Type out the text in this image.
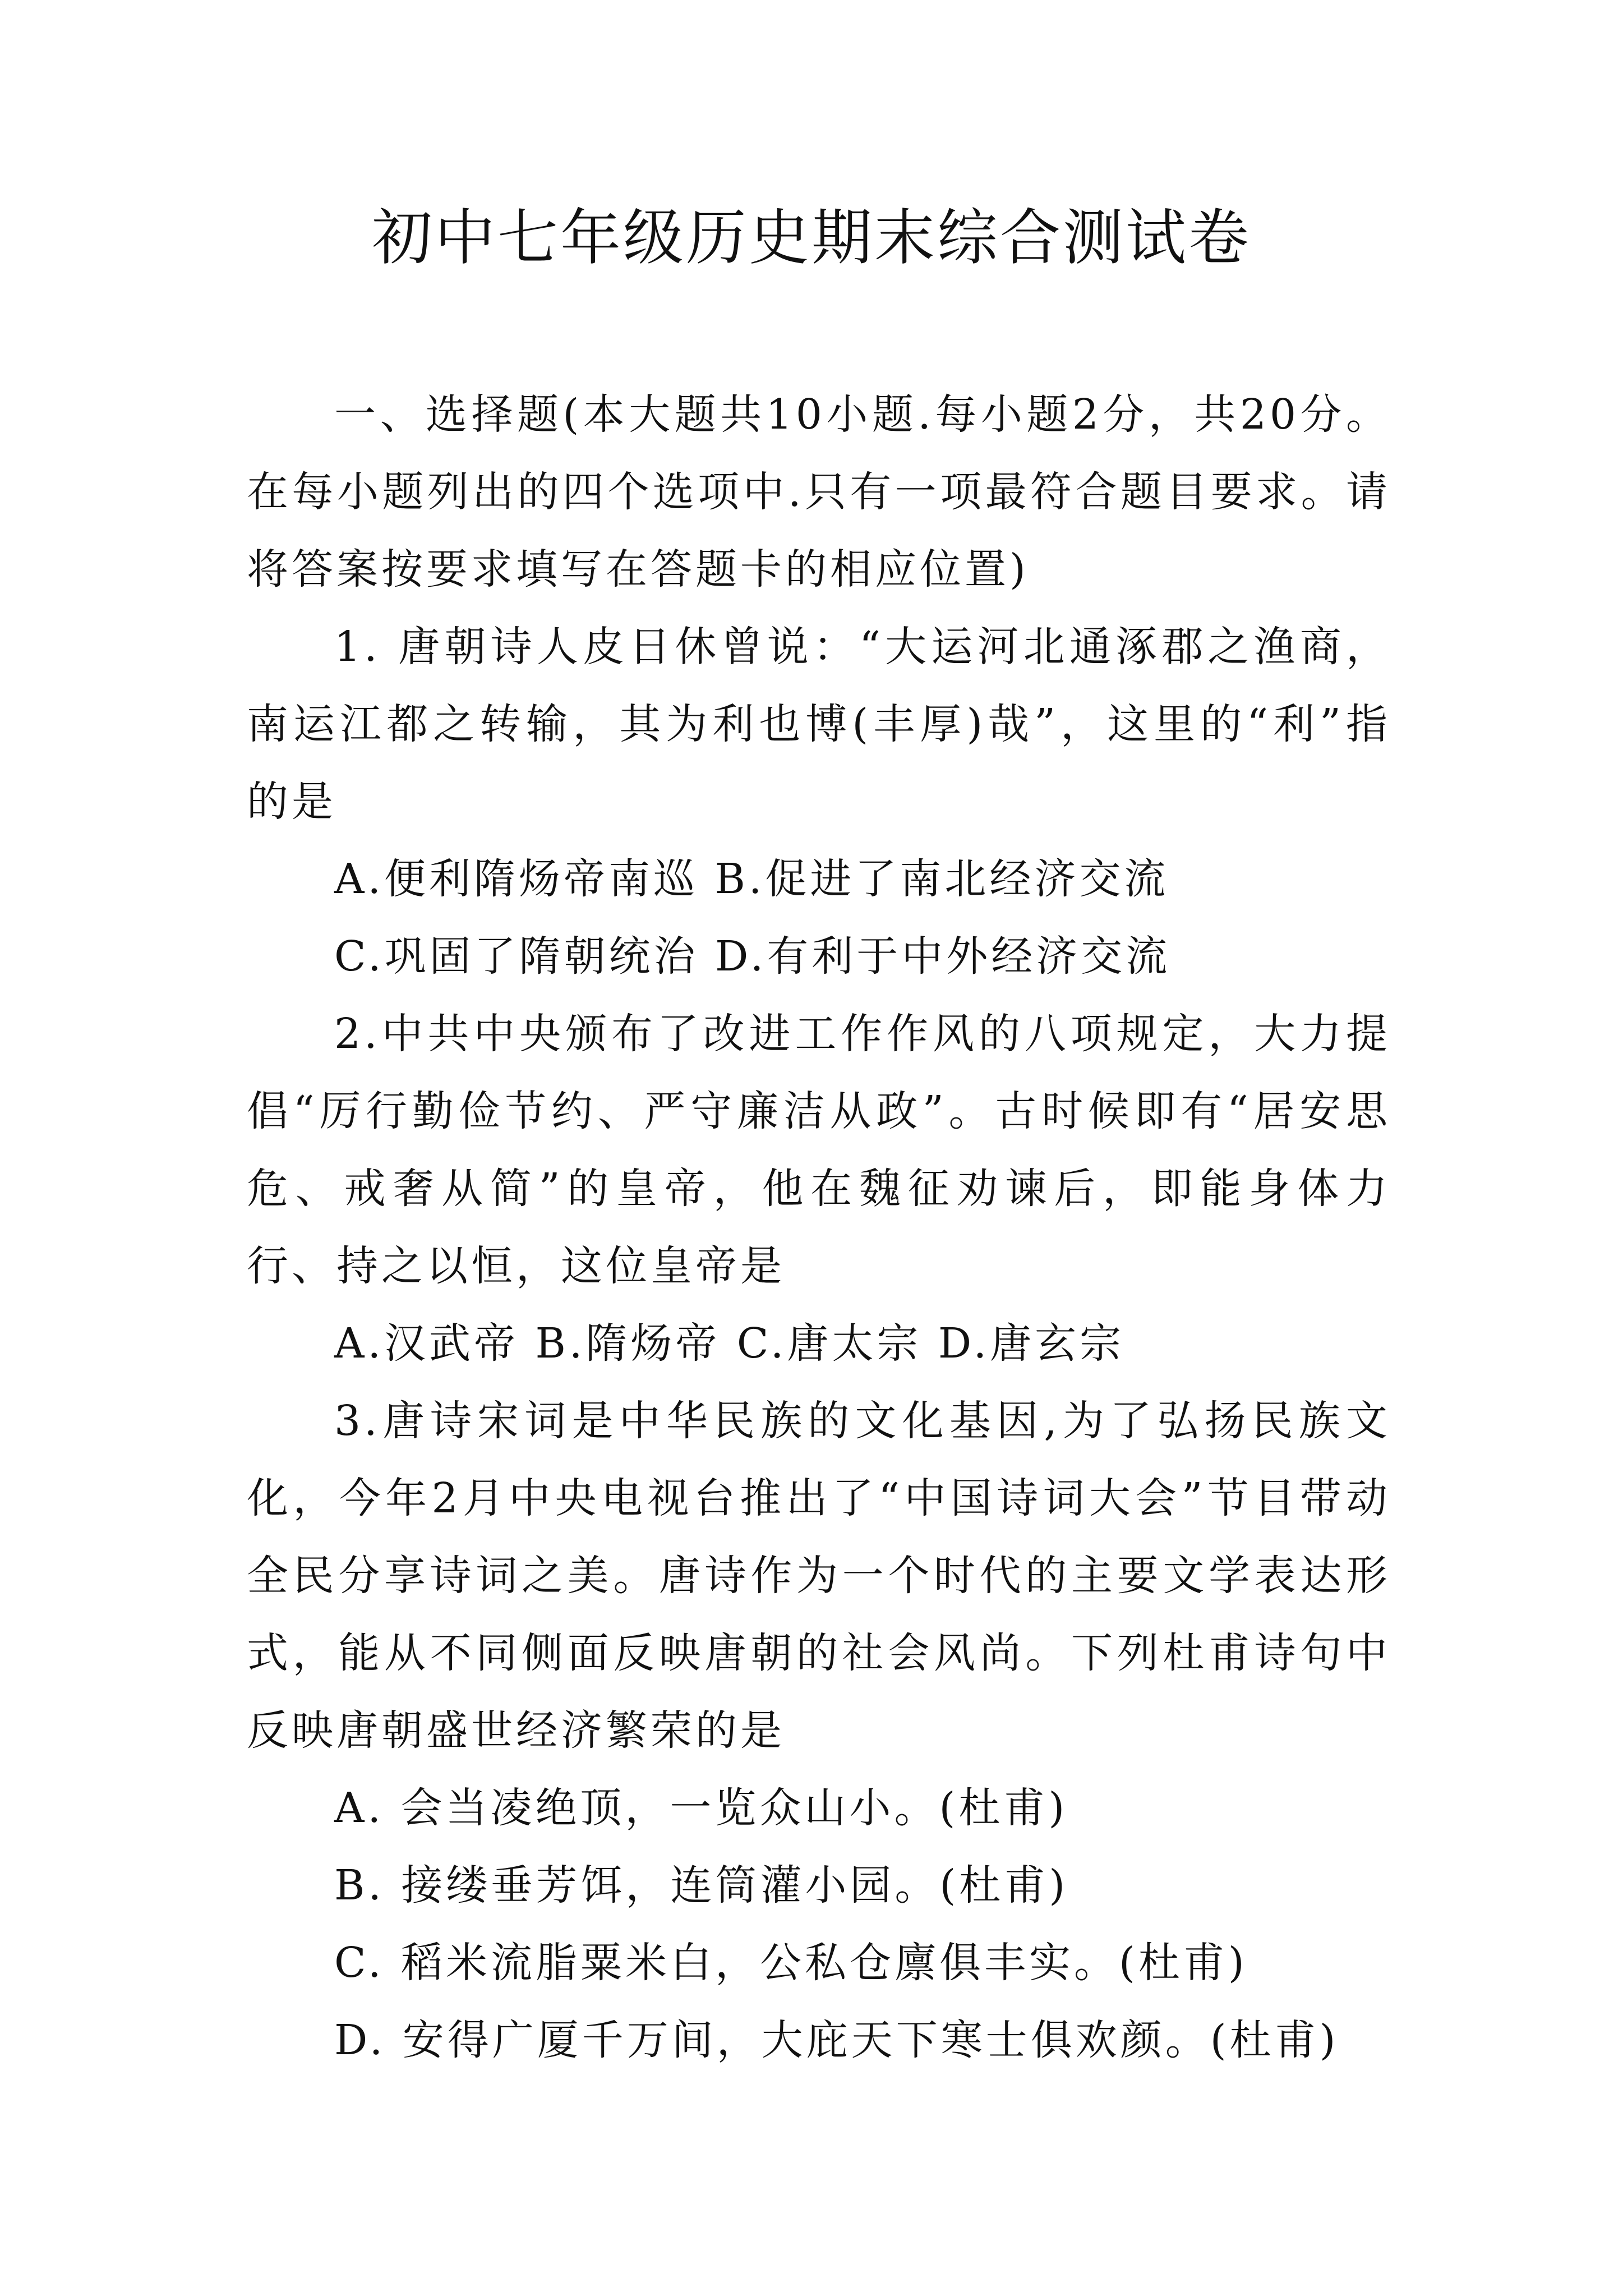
初中七年级历史期末综合测试卷

一、选择题(本大题共10小题.每小题2分，共20分。在每小题列出的四个选项中.只有一项最符合题目要求。请将答案按要求填写在答题卡的相应位置)

1. 唐朝诗人皮日休曾说：“大运河北通涿郡之渔商，南运江都之转输，其为利也博(丰厚)哉”，这里的“利”指的是

A.便利隋炀帝南巡 B.促进了南北经济交流

C.巩固了隋朝统治 D.有利于中外经济交流

2.中共中央颁布了改进工作作风的八项规定，大力提倡“厉行勤俭节约、严守廉洁从政”。古时候即有“居安思危、戒奢从简”的皇帝，他在魏征劝谏后，即能身体力行、持之以恒，这位皇帝是

A.汉武帝 B.隋炀帝 C.唐太宗 D.唐玄宗

3.唐诗宋词是中华民族的文化基因,为了弘扬民族文化，今年2月中央电视台推出了“中国诗词大会”节目带动全民分享诗词之美。唐诗作为一个时代的主要文学表达形式，能从不同侧面反映唐朝的社会风尚。下列杜甫诗句中反映唐朝盛世经济繁荣的是

A. 会当凌绝顶，一览众山小。(杜甫)

B. 接缕垂芳饵，连筒灌小园。(杜甫)

C. 稻米流脂粟米白，公私仓廪俱丰实。(杜甫)

D. 安得广厦千万间，大庇天下寒士俱欢颜。(杜甫)
